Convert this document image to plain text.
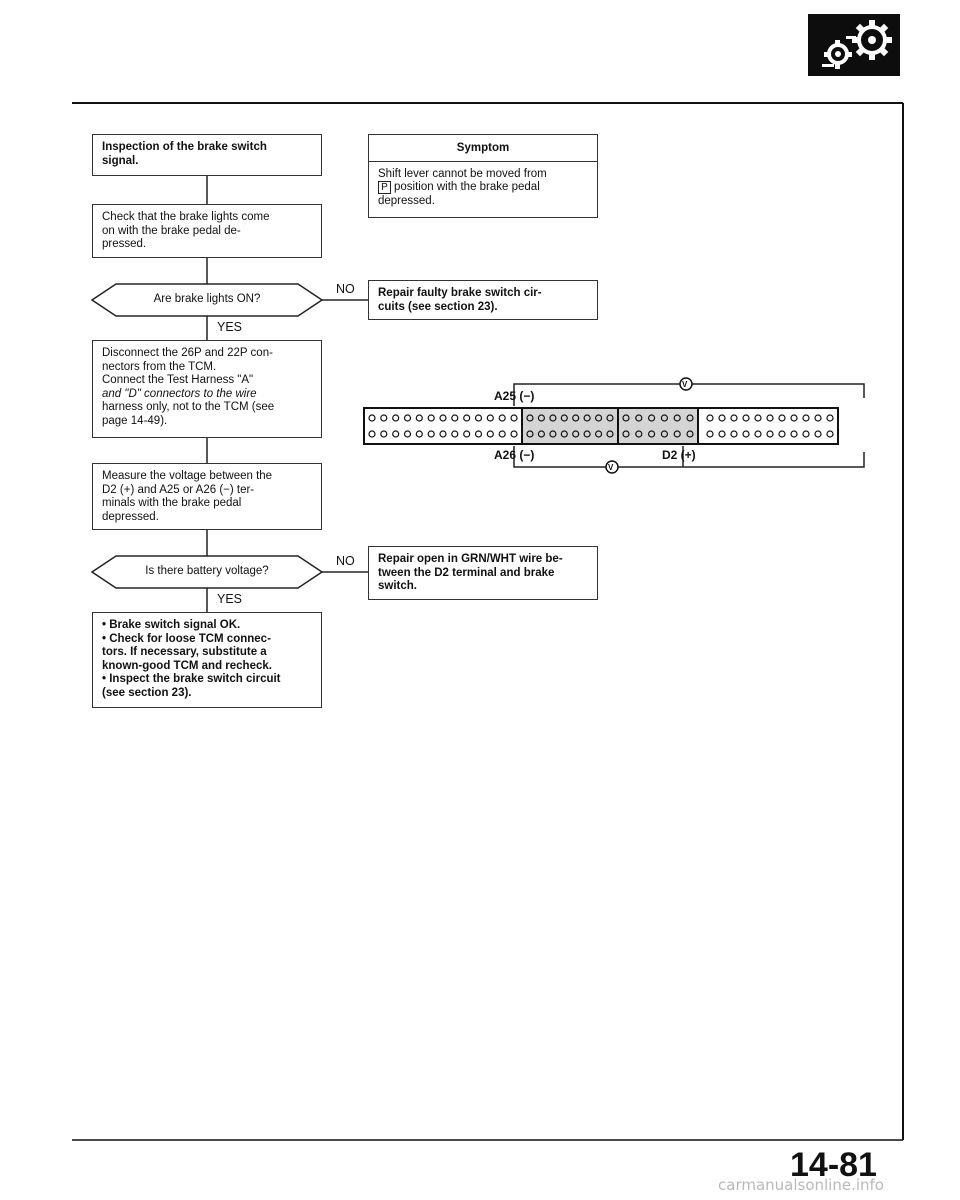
V
V

Inspection of the brake switch

signal.

Check that the brake lights come

on with the brake pedal de-

pressed.

Are brake lights ON?
NO
YES

Disconnect the 26P and 22P con-

nectors from the TCM.

Connect the Test Harness "A"

and "D" connectors to the wire

harness only, not to the TCM (see

page 14-49).

Measure the voltage between the

D2 (+) and A25 or A26 (−) ter-

minals with the brake pedal

depressed.

Is there battery voltage?
NO
YES
• Brake switch signal OK.
• Check for loose TCM connec-

tors. If necessary, substitute a

known-good TCM and recheck.

• Inspect the brake switch circuit

(see section 23).

Symptom

Shift lever cannot be moved from

P position with the brake pedal

depressed.

Repair faulty brake switch cir-

cuits (see section 23).

Repair open in GRN/WHT wire be-

tween the D2 terminal and brake

switch.

A25 (−)
A26 (−)	D2 (+)
14-81
carmanualsonline.info
